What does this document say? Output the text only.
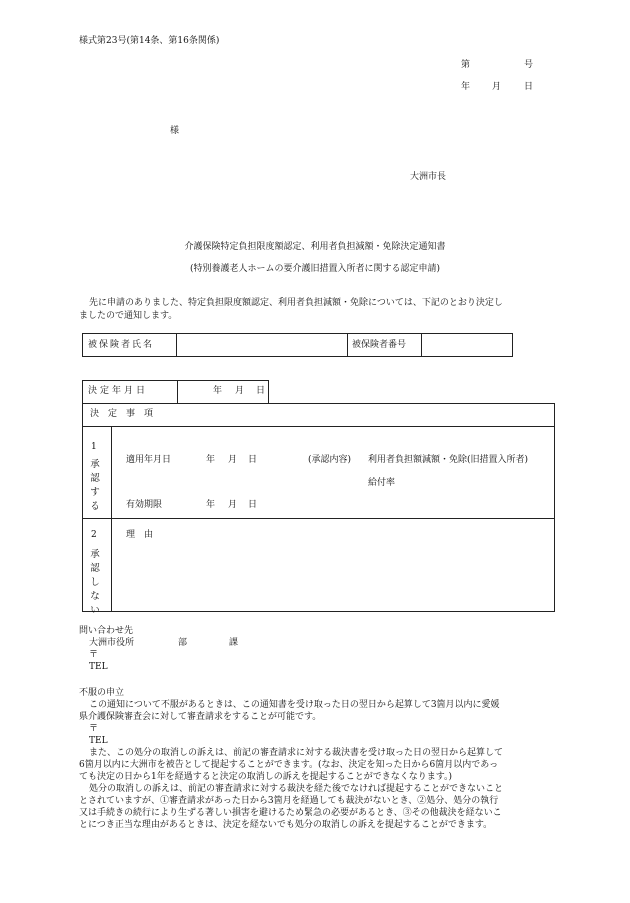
様式第23号(第14条、第16条関係)
第	号
年 月	日
様
大洲市長
介護保険特定負担限度額認定、利用者負担減額・免除決定通知書
(特別養護老人ホームの要介護旧措置入所者に関する認定申請)
先に申請のありました、特定負担限度額認定、利用者負担減額・免除については、下記のとおり決定し
ましたので通知します。
被保険者氏名	被保険者番号
決定年月日	年 月 日
決　定　事　項
1
承
認
す
る
適用年月日	年 月 日	(承認内容) 利用者負担額減額・免除(旧措置入所者)
給付率
有効期限	年 月 日
2
承
認
し
な
い
理　由
問い合わせ先
大洲市役所	部	課
〒
TEL
不服の申立
この通知について不服があるときは、この通知書を受け取った日の翌日から起算して3箇月以内に愛媛
県介護保険審査会に対して審査請求をすることが可能です。
〒
TEL
また、この処分の取消しの訴えは、前記の審査請求に対する裁決書を受け取った日の翌日から起算して
6箇月以内に大洲市を被告として提起することができます。(なお、決定を知った日から6箇月以内であっ
ても決定の日から1年を経過すると決定の取消しの訴えを提起することができなくなります。)
処分の取消しの訴えは、前記の審査請求に対する裁決を経た後でなければ提起することができないこと
とされていますが、①審査請求があった日から3箇月を経過しても裁決がないとき、②処分、処分の執行
又は手続きの続行により生ずる著しい損害を避けるため緊急の必要があるとき、③その他裁決を経ないこ
とにつき正当な理由があるときは、決定を経ないでも処分の取消しの訴えを提起することができます。
